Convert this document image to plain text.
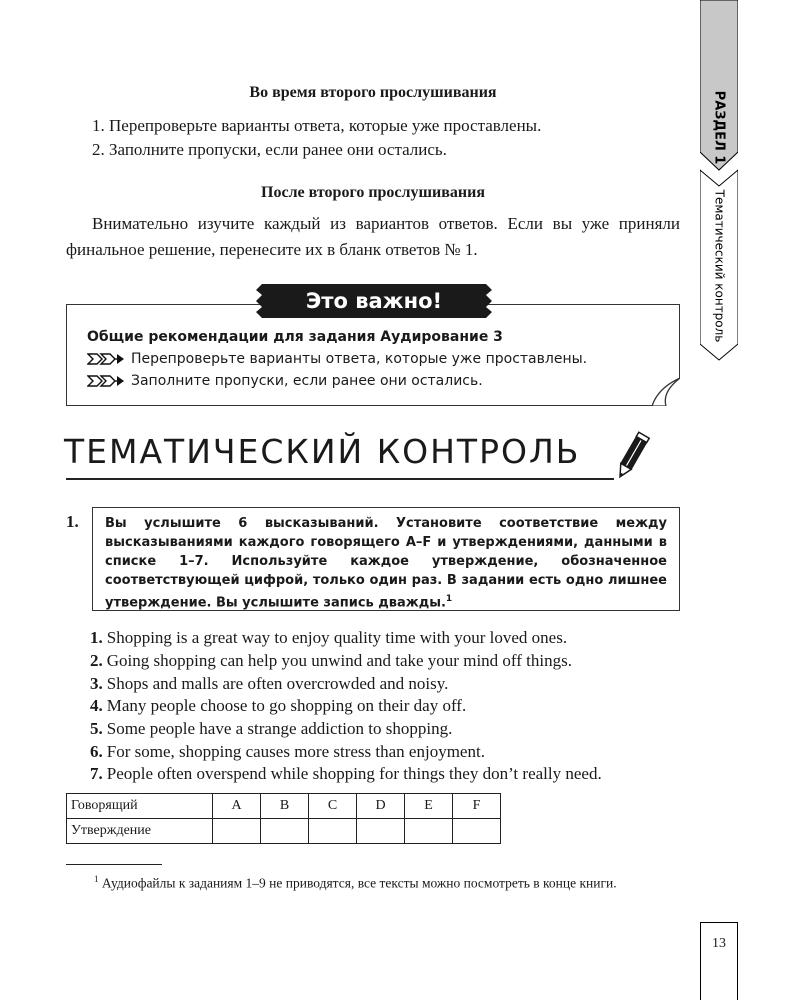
РАЗДЕЛ 1
Тематический контроль
13
Во время второго прослушивания
1. Перепроверьте варианты ответа, которые уже проставлены.
2. Заполните пропуски, если ранее они остались.
После второго прослушивания

Внимательно изучите каждый из вариантов ответов. Если вы уже приняли финальное решение, перенесите их в бланк ответов № 1.

Это важно!
Общие рекомендации для задания Аудирование 3
Перепроверьте варианты ответа, которые уже проставлены.
Заполните пропуски, если ранее они остались.
ТЕМАТИЧЕСКИЙ КОНТРОЛЬ
1.	Вы услышите 6 высказываний. Установите соответствие между высказываниями каждого говорящего А–F и утверждениями, данными в списке 1–7. Используйте каждое утверждение, обозначенное соответствующей цифрой, только один раз. В задании есть одно лишнее утверждение. Вы услышите запись дважды.$^1$
1. Shopping is a great way to enjoy quality time with your loved ones.
2. Going shopping can help you unwind and take your mind off things.
3. Shops and malls are often overcrowded and noisy.
4. Many people choose to go shopping on their day off.
5. Some people have a strange addiction to shopping.
6. For some, shopping causes more stress than enjoyment.
7. People often overspend while shopping for things they don’t really need.
Говорящий	A	B	C	D	E	F
Утверждение						

$^1$ Аудиофайлы к заданиям 1–9 не приводятся, все тексты можно посмотреть в конце книги.
